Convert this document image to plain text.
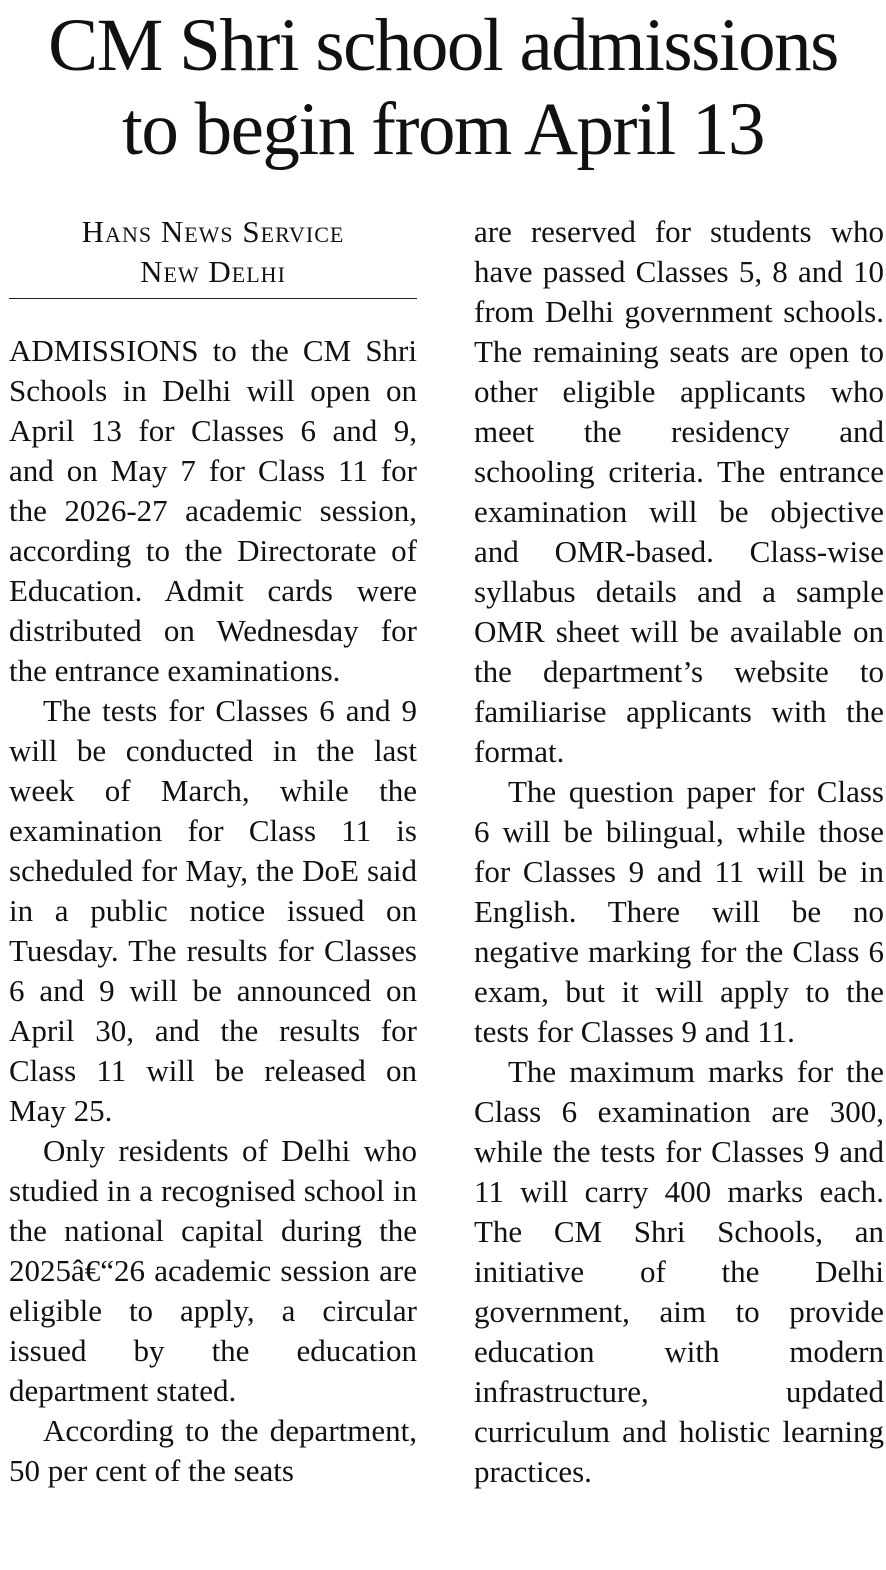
CM Shri school admissions
to begin from April 13
Hans News Service
New Delhi

ADMISSIONS to the CM Shri Schools in Delhi will open on April 13 for Classes 6 and 9, and on May 7 for Class 11 for the 2026-27 academic session, according to the Directorate of Education. Admit cards were distributed on Wednesday for the entrance examinations.

The tests for Classes 6 and 9 will be conducted in the last week of March, while the examination for Class 11 is scheduled for May, the DoE said in a public notice issued on Tuesday. The results for Classes 6 and 9 will be announced on April 30, and the results for Class 11 will be released on May 25.

Only residents of Delhi who studied in a recognised school in the national capital during the 2025â€“26 academic session are eligible to apply, a circular issued by the education department stated.

According to the department, 50 per cent of the seats

are reserved for students who have passed Classes 5, 8 and 10 from Delhi government schools. The remaining seats are open to other eligible applicants who meet the residency and schooling criteria. The entrance examination will be objective and OMR-based. Class-wise syllabus details and a sample OMR sheet will be available on the department’s website to familiarise applicants with the format.

The question paper for Class 6 will be bilingual, while those for Classes 9 and 11 will be in English. There will be no negative marking for the Class 6 exam, but it will apply to the tests for Classes 9 and 11.

The maximum marks for the Class 6 examination are 300, while the tests for Classes 9 and 11 will carry 400 marks each. The CM Shri Schools, an initiative of the Delhi government, aim to provide education with modern infrastructure, updated curriculum and holistic learning practices.
